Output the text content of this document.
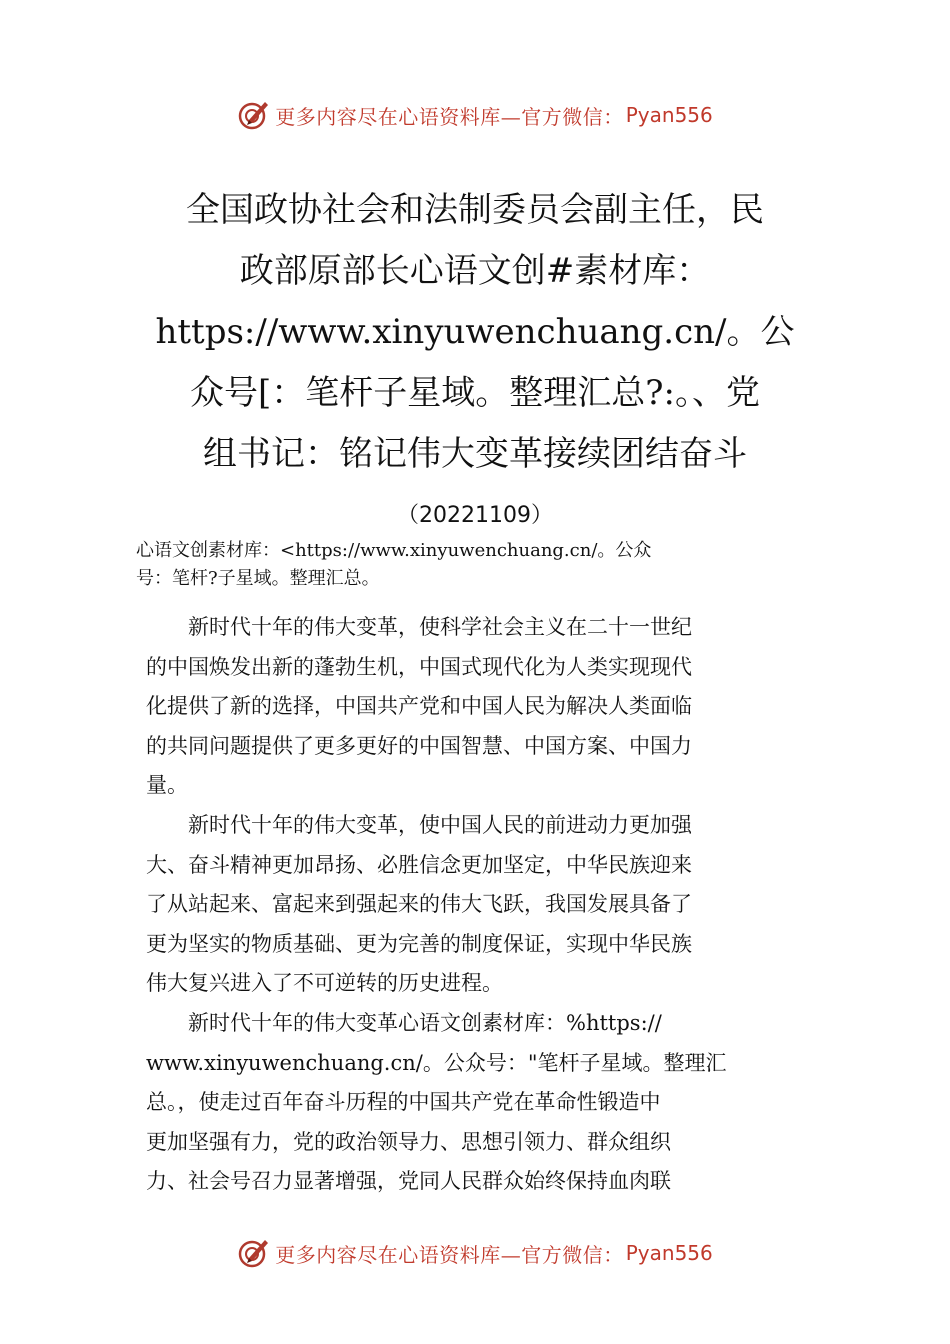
更多内容尽在心语资料库—官方微信： Pyan556
全国政协社会和法制委员会副主任，民
政部原部长心语文创#素材库：
https://www.xinyuwenchuang.cn/。公
众号[：笔杆子星域。整理汇总?:。、党
组书记：铭记伟大变革接续团结奋斗
（20221109）
心语文创素材库：<https://www.xinyuwenchuang.cn/。公众
号：笔杆?子星域。整理汇总。
　　新时代十年的伟大变革，使科学社会主义在二十一世纪
的中国焕发出新的蓬勃生机，中国式现代化为人类实现现代
化提供了新的选择，中国共产党和中国人民为解决人类面临
的共同问题提供了更多更好的中国智慧、中国方案、中国力
量。
　　新时代十年的伟大变革，使中国人民的前进动力更加强
大、奋斗精神更加昂扬、必胜信念更加坚定，中华民族迎来
了从站起来、富起来到强起来的伟大飞跃，我国发展具备了
更为坚实的物质基础、更为完善的制度保证，实现中华民族
伟大复兴进入了不可逆转的历史进程。
　　新时代十年的伟大变革心语文创素材库：%https://
www.xinyuwenchuang.cn/。公众号："笔杆子星域。整理汇
总。，使走过百年奋斗历程的中国共产党在革命性锻造中
更加坚强有力，党的政治领导力、思想引领力、群众组织
力、社会号召力显著增强，党同人民群众始终保持血肉联
更多内容尽在心语资料库—官方微信： Pyan556
